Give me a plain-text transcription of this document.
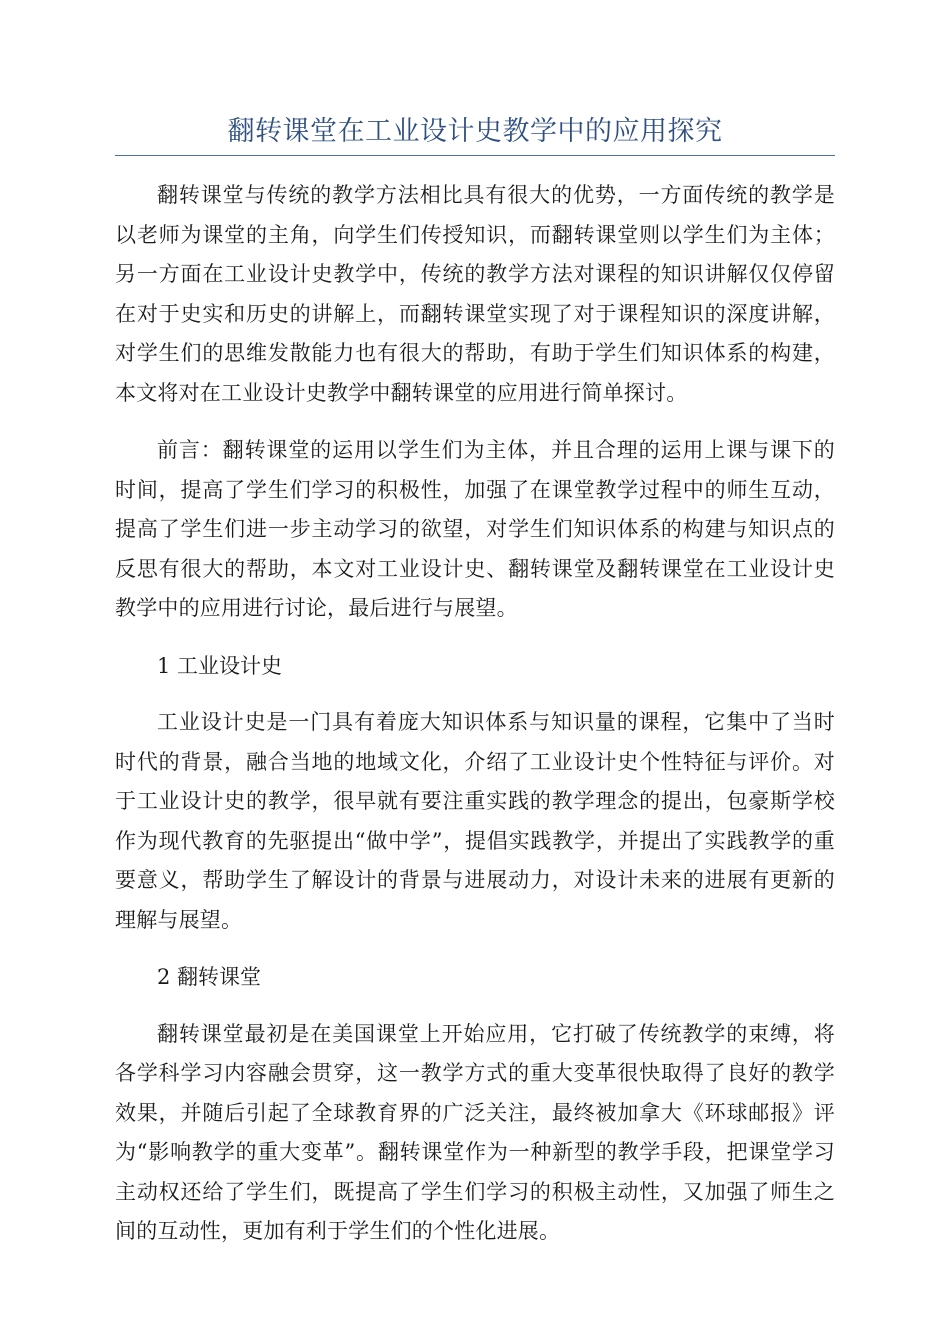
翻转课堂在工业设计史教学中的应用探究

翻转课堂与传统的教学方法相比具有很大的优势，一方面传统的教学是以老师为课堂的主角，向学生们传授知识，而翻转课堂则以学生们为主体；另一方面在工业设计史教学中，传统的教学方法对课程的知识讲解仅仅停留在对于史实和历史的讲解上，而翻转课堂实现了对于课程知识的深度讲解，对学生们的思维发散能力也有很大的帮助，有助于学生们知识体系的构建，本文将对在工业设计史教学中翻转课堂的应用进行简单探讨。

前言：翻转课堂的运用以学生们为主体，并且合理的运用上课与课下的时间，提高了学生们学习的积极性，加强了在课堂教学过程中的师生互动，提高了学生们进一步主动学习的欲望，对学生们知识体系的构建与知识点的反思有很大的帮助，本文对工业设计史、翻转课堂及翻转课堂在工业设计史教学中的应用进行讨论，最后进行与展望。

1 工业设计史

工业设计史是一门具有着庞大知识体系与知识量的课程，它集中了当时时代的背景，融合当地的地域文化，介绍了工业设计史个性特征与评价。对于工业设计史的教学，很早就有要注重实践的教学理念的提出，包豪斯学校作为现代教育的先驱提出“做中学”，提倡实践教学，并提出了实践教学的重要意义，帮助学生了解设计的背景与进展动力，对设计未来的进展有更新的理解与展望。

2 翻转课堂

翻转课堂最初是在美国课堂上开始应用，它打破了传统教学的束缚，将各学科学习内容融会贯穿，这一教学方式的重大变革很快取得了良好的教学效果，并随后引起了全球教育界的广泛关注，最终被加拿大《环球邮报》评为“影响教学的重大变革”。翻转课堂作为一种新型的教学手段，把课堂学习主动权还给了学生们，既提高了学生们学习的积极主动性，又加强了师生之间的互动性，更加有利于学生们的个性化进展。
